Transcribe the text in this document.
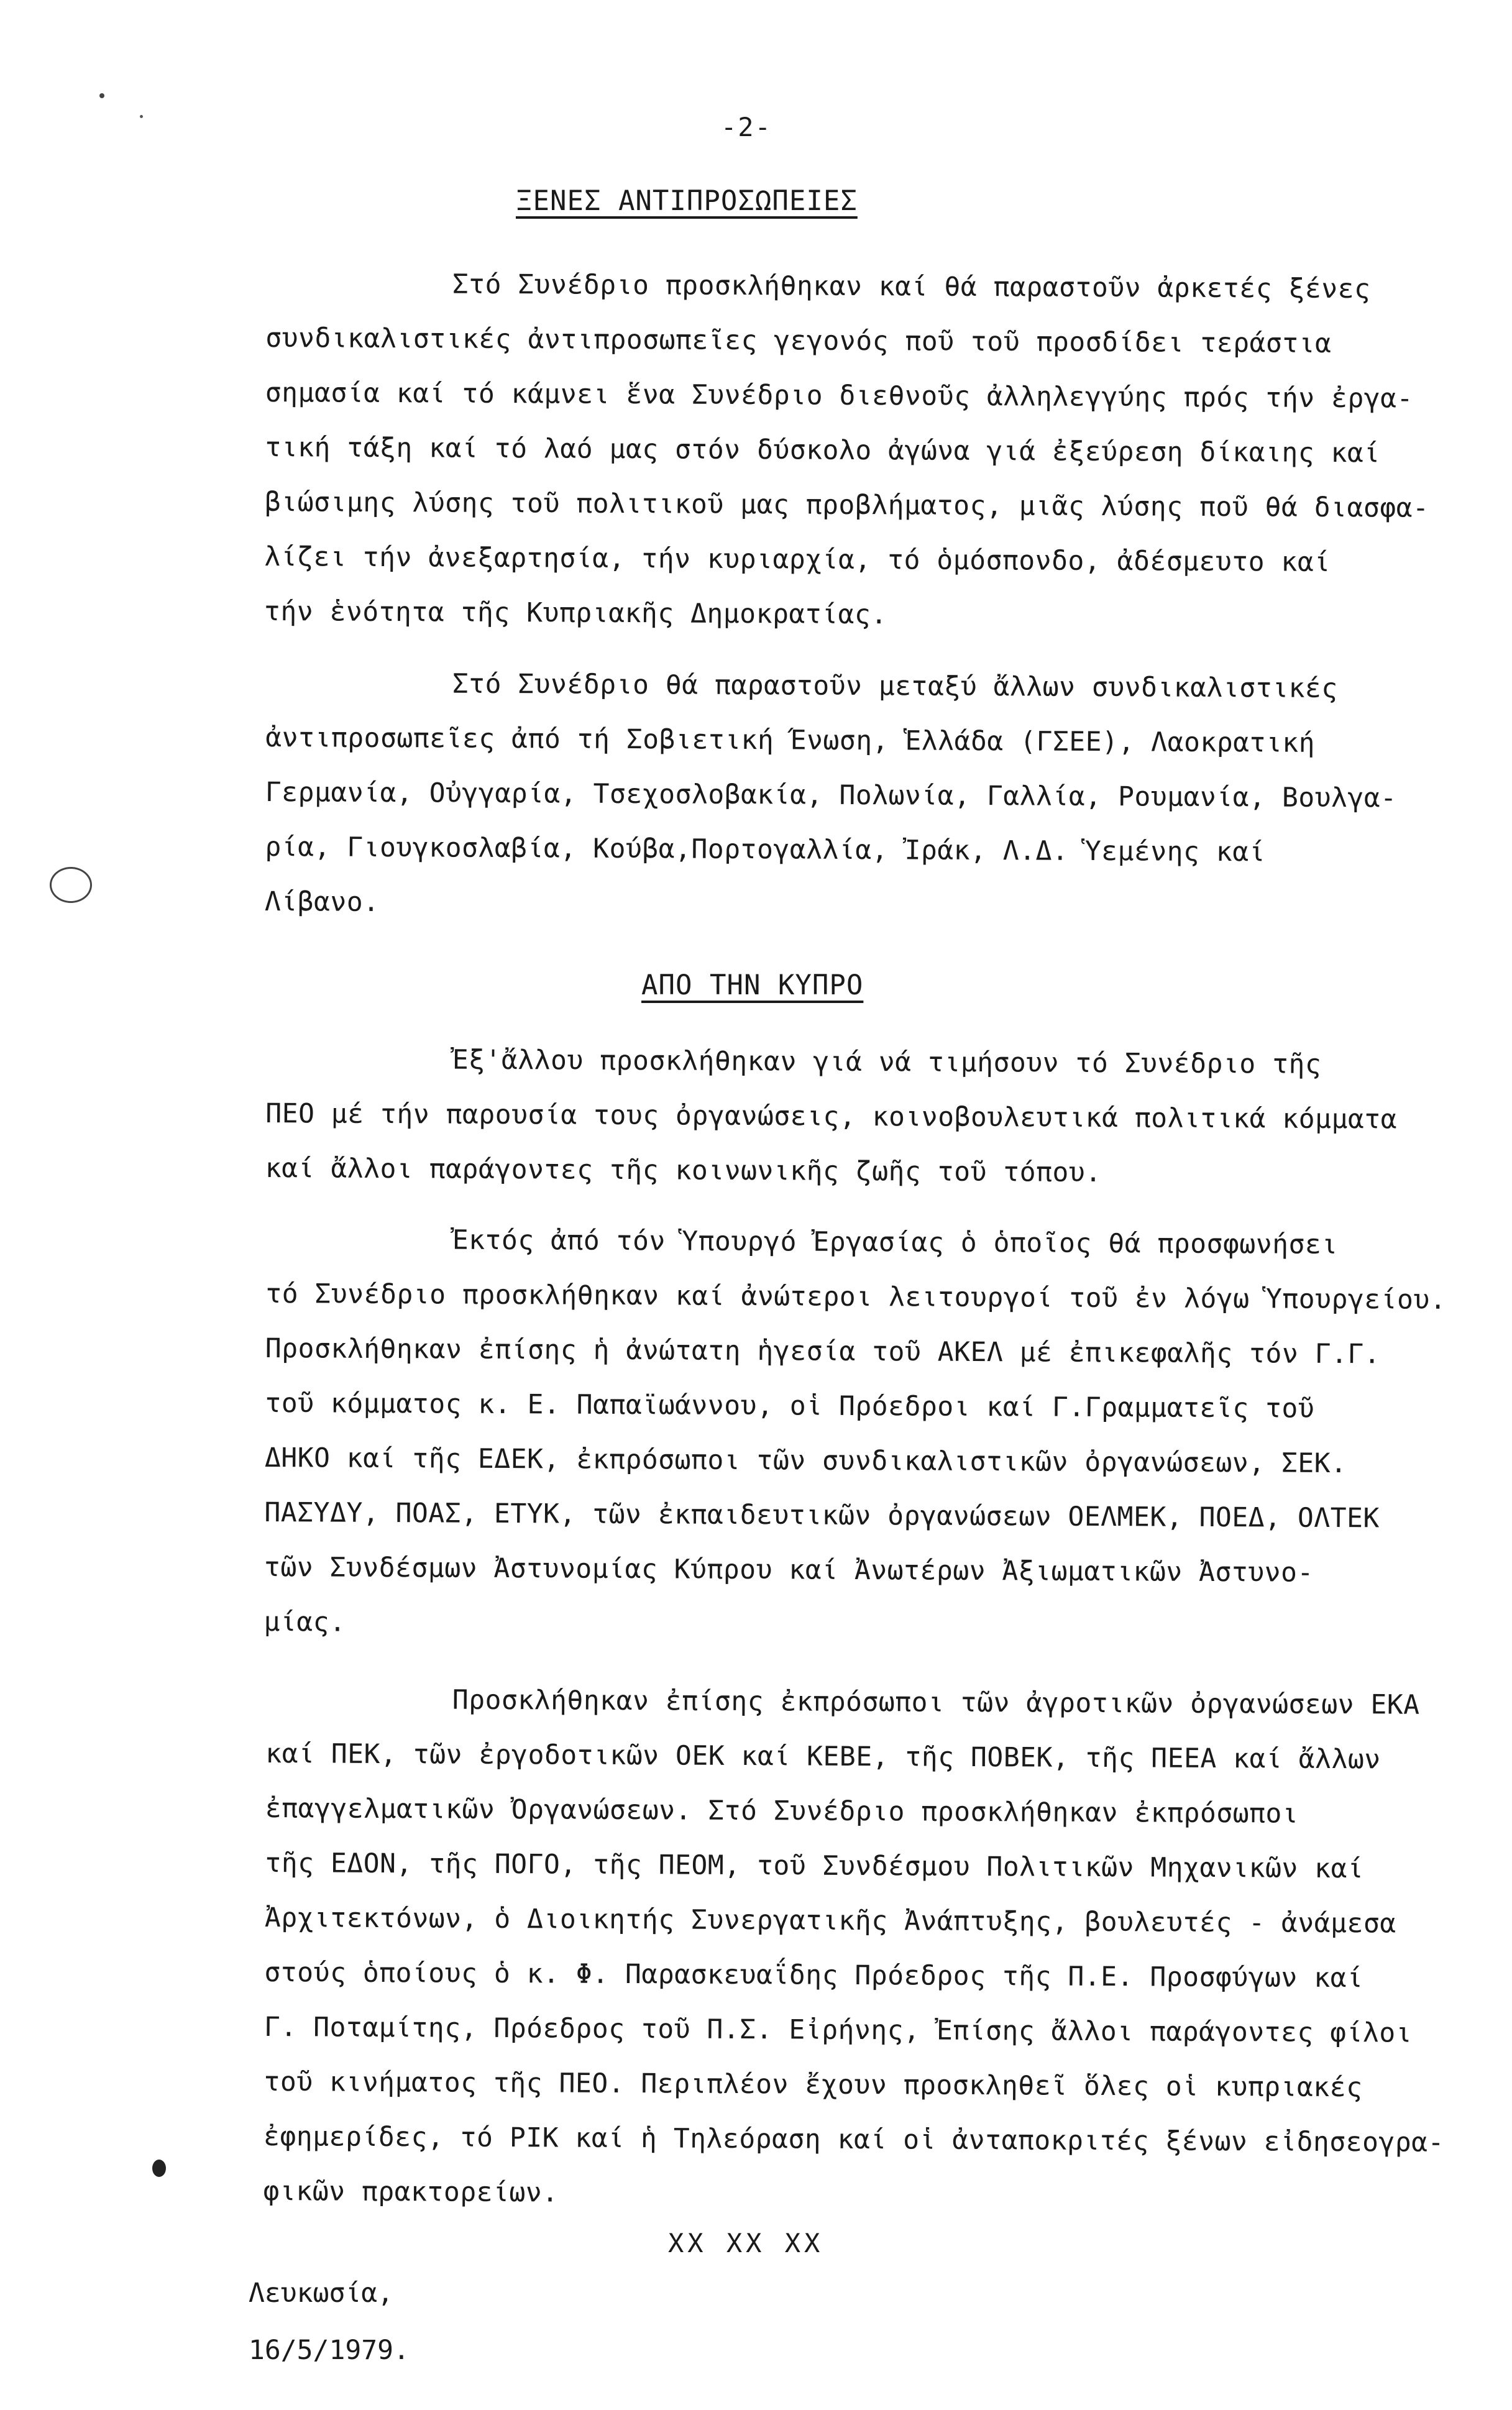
-2-
ΞΕΝΕΣ ΑΝΤΙΠΡΟΣΩΠΕΙΕΣ
Στό Συνέδριο προσκλήθηκαν καί θά παραστοῦν ἀρκετές ξένες
συνδικαλιστικές ἀντιπροσωπεῖες γεγονός ποῦ τοῦ προσδίδει τεράστια
σημασία καί τό κάμνει ἕνα Συνέδριο διεθνοῦς ἀλληλεγγύης πρός τήν ἐργα-
τική τάξη καί τό λαό μας στόν δύσκολο ἀγώνα γιά ἐξεύρεση δίκαιης καί
βιώσιμης λύσης τοῦ πολιτικοῦ μας προβλήματος, μιᾶς λύσης ποῦ θά διασφα-
λίζει τήν ἀνεξαρτησία, τήν κυριαρχία, τό ὁμόσπονδο, ἀδέσμευτο καί
τήν ἑνότητα τῆς Κυπριακῆς Δημοκρατίας.
Στό Συνέδριο θά παραστοῦν μεταξύ ἄλλων συνδικαλιστικές
ἀντιπροσωπεῖες ἀπό τή Σοβιετική Ένωση, Ἑλλάδα (ΓΣΕΕ), Λαοκρατική
Γερμανία, Οὐγγαρία, Τσεχοσλοβακία, Πολωνία, Γαλλία, Ρουμανία, Βουλγα-
ρία, Γιουγκοσλαβία, Κούβα,Πορτογαλλία, Ἰράκ, Λ.Δ. Ὑεμένης καί
Λίβανο.
ΑΠΟ ΤΗΝ ΚΥΠΡΟ
Ἐξ'ἄλλου προσκλήθηκαν γιά νά τιμήσουν τό Συνέδριο τῆς
ΠΕΟ μέ τήν παρουσία τους ὀργανώσεις, κοινοβουλευτικά πολιτικά κόμματα
καί ἄλλοι παράγοντες τῆς κοινωνικῆς ζωῆς τοῦ τόπου.
Ἐκτός ἀπό τόν Ὑπουργό Ἐργασίας ὁ ὁποῖος θά προσφωνήσει
τό Συνέδριο προσκλήθηκαν καί ἀνώτεροι λειτουργοί τοῦ ἐν λόγω Ὑπουργείου.
Προσκλήθηκαν ἐπίσης ἡ ἀνώτατη ἡγεσία τοῦ ΑΚΕΛ μέ ἐπικεφαλῆς τόν Γ.Γ.
τοῦ κόμματος κ. Ε. Παπαϊωάννου, οἱ Πρόεδροι καί Γ.Γραμματεῖς τοῦ
ΔΗΚΟ καί τῆς ΕΔΕΚ, ἐκπρόσωποι τῶν συνδικαλιστικῶν ὀργανώσεων, ΣΕΚ.
ΠΑΣΥΔΥ, ΠΟΑΣ, ΕΤΥΚ, τῶν ἐκπαιδευτικῶν ὀργανώσεων ΟΕΛΜΕΚ, ΠΟΕΔ, ΟΛΤΕΚ
τῶν Συνδέσμων Ἀστυνομίας Κύπρου καί Ἀνωτέρων Ἀξιωματικῶν Ἀστυνο-
μίας.
Προσκλήθηκαν ἐπίσης ἐκπρόσωποι τῶν ἀγροτικῶν ὀργανώσεων ΕΚΑ
καί ΠΕΚ, τῶν ἐργοδοτικῶν ΟΕΚ καί ΚΕΒΕ, τῆς ΠΟΒΕΚ, τῆς ΠΕΕΑ καί ἄλλων
ἐπαγγελματικῶν Ὀργανώσεων. Στό Συνέδριο προσκλήθηκαν ἐκπρόσωποι
τῆς ΕΔΟΝ, τῆς ΠΟΓΟ, τῆς ΠΕΟΜ, τοῦ Συνδέσμου Πολιτικῶν Μηχανικῶν καί
Ἀρχιτεκτόνων, ὁ Διοικητής Συνεργατικῆς Ἀνάπτυξης, βουλευτές - ἀνάμεσα
στούς ὁποίους ὁ κ. Φ. Παρασκευαΐδης Πρόεδρος τῆς Π.Ε. Προσφύγων καί
Γ. Ποταμίτης, Πρόεδρος τοῦ Π.Σ. Εἰρήνης, Ἐπίσης ἄλλοι παράγοντες φίλοι
τοῦ κινήματος τῆς ΠΕΟ. Περιπλέον ἔχουν προσκληθεῖ ὅλες οἱ κυπριακές
ἐφημερίδες, τό ΡΙΚ καί ἡ Τηλεόραση καί οἱ ἀνταποκριτές ξένων εἰδησεογρα-
φικῶν πρακτορείων.
XX XX XX
Λευκωσία,
16/5/1979.
